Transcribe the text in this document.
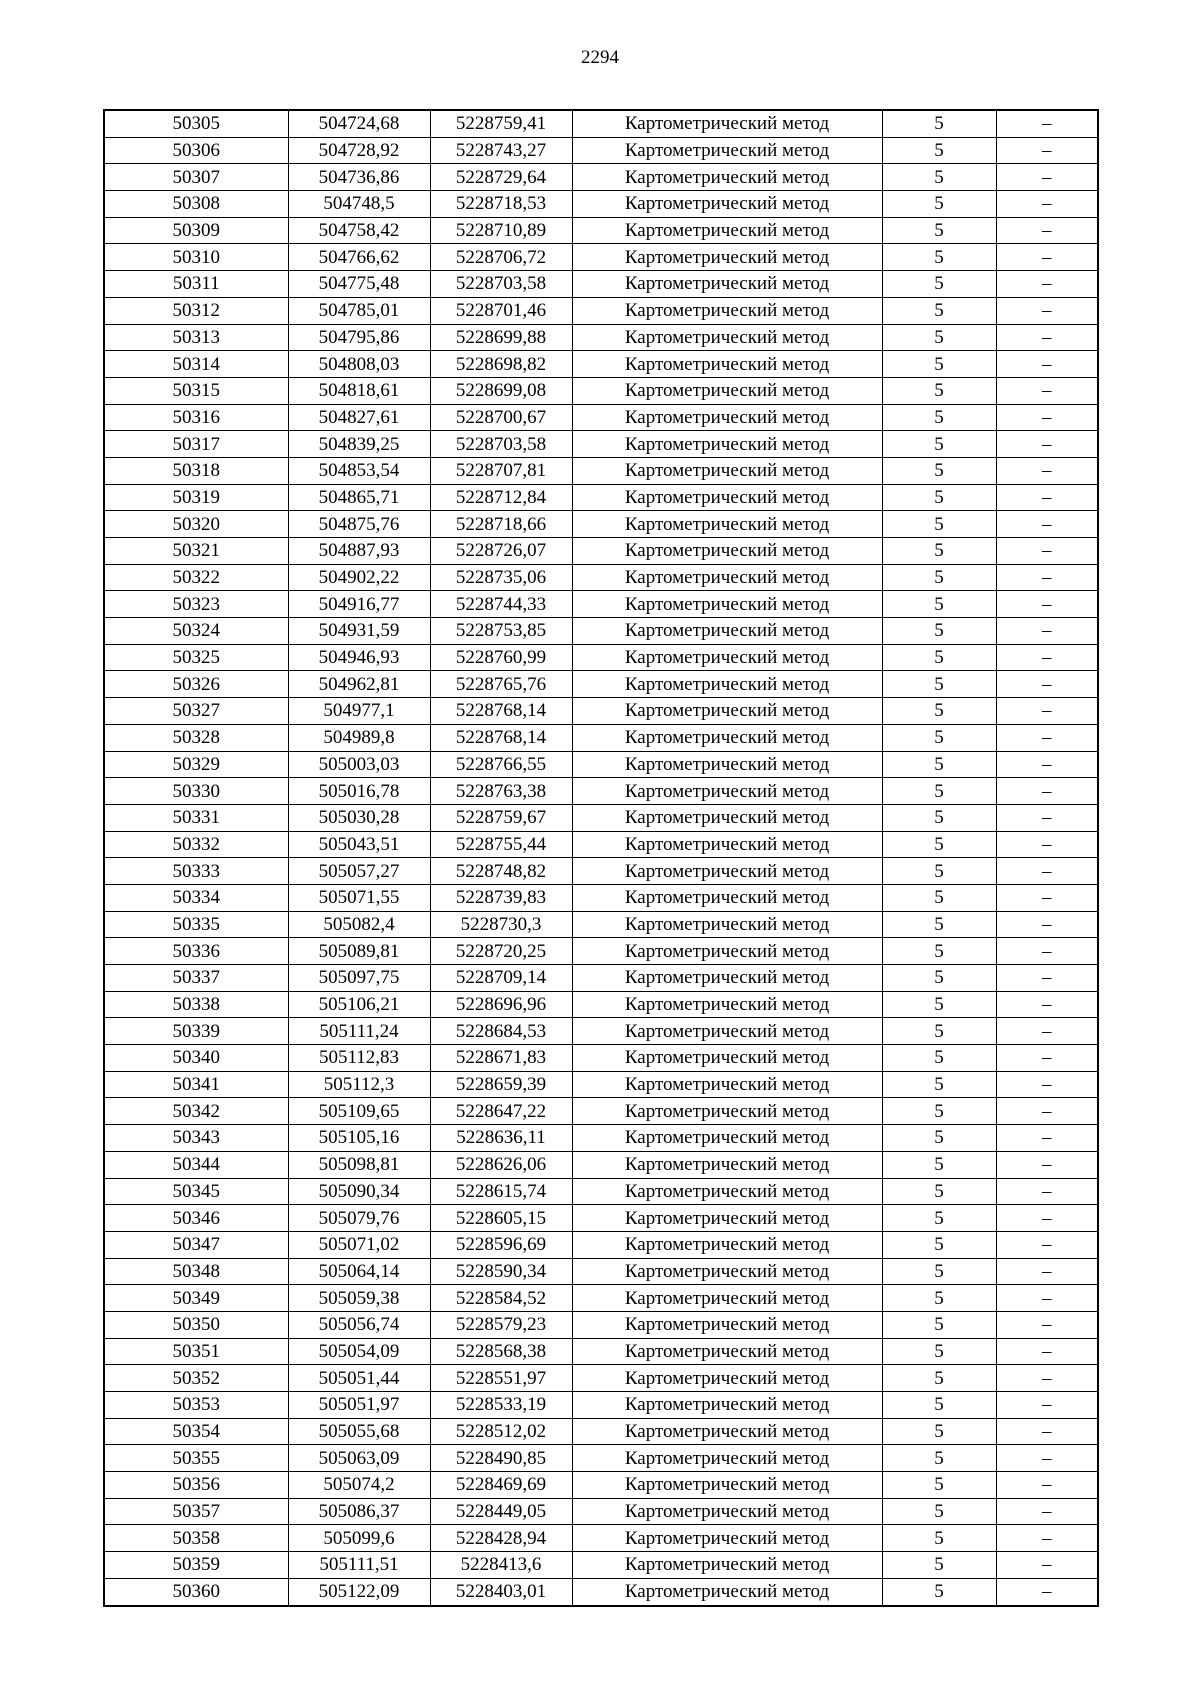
2294
50305	504724,68	5228759,41	Картометрический метод	5	–
50306	504728,92	5228743,27	Картометрический метод	5	–
50307	504736,86	5228729,64	Картометрический метод	5	–
50308	504748,5	5228718,53	Картометрический метод	5	–
50309	504758,42	5228710,89	Картометрический метод	5	–
50310	504766,62	5228706,72	Картометрический метод	5	–
50311	504775,48	5228703,58	Картометрический метод	5	–
50312	504785,01	5228701,46	Картометрический метод	5	–
50313	504795,86	5228699,88	Картометрический метод	5	–
50314	504808,03	5228698,82	Картометрический метод	5	–
50315	504818,61	5228699,08	Картометрический метод	5	–
50316	504827,61	5228700,67	Картометрический метод	5	–
50317	504839,25	5228703,58	Картометрический метод	5	–
50318	504853,54	5228707,81	Картометрический метод	5	–
50319	504865,71	5228712,84	Картометрический метод	5	–
50320	504875,76	5228718,66	Картометрический метод	5	–
50321	504887,93	5228726,07	Картометрический метод	5	–
50322	504902,22	5228735,06	Картометрический метод	5	–
50323	504916,77	5228744,33	Картометрический метод	5	–
50324	504931,59	5228753,85	Картометрический метод	5	–
50325	504946,93	5228760,99	Картометрический метод	5	–
50326	504962,81	5228765,76	Картометрический метод	5	–
50327	504977,1	5228768,14	Картометрический метод	5	–
50328	504989,8	5228768,14	Картометрический метод	5	–
50329	505003,03	5228766,55	Картометрический метод	5	–
50330	505016,78	5228763,38	Картометрический метод	5	–
50331	505030,28	5228759,67	Картометрический метод	5	–
50332	505043,51	5228755,44	Картометрический метод	5	–
50333	505057,27	5228748,82	Картометрический метод	5	–
50334	505071,55	5228739,83	Картометрический метод	5	–
50335	505082,4	5228730,3	Картометрический метод	5	–
50336	505089,81	5228720,25	Картометрический метод	5	–
50337	505097,75	5228709,14	Картометрический метод	5	–
50338	505106,21	5228696,96	Картометрический метод	5	–
50339	505111,24	5228684,53	Картометрический метод	5	–
50340	505112,83	5228671,83	Картометрический метод	5	–
50341	505112,3	5228659,39	Картометрический метод	5	–
50342	505109,65	5228647,22	Картометрический метод	5	–
50343	505105,16	5228636,11	Картометрический метод	5	–
50344	505098,81	5228626,06	Картометрический метод	5	–
50345	505090,34	5228615,74	Картометрический метод	5	–
50346	505079,76	5228605,15	Картометрический метод	5	–
50347	505071,02	5228596,69	Картометрический метод	5	–
50348	505064,14	5228590,34	Картометрический метод	5	–
50349	505059,38	5228584,52	Картометрический метод	5	–
50350	505056,74	5228579,23	Картометрический метод	5	–
50351	505054,09	5228568,38	Картометрический метод	5	–
50352	505051,44	5228551,97	Картометрический метод	5	–
50353	505051,97	5228533,19	Картометрический метод	5	–
50354	505055,68	5228512,02	Картометрический метод	5	–
50355	505063,09	5228490,85	Картометрический метод	5	–
50356	505074,2	5228469,69	Картометрический метод	5	–
50357	505086,37	5228449,05	Картометрический метод	5	–
50358	505099,6	5228428,94	Картометрический метод	5	–
50359	505111,51	5228413,6	Картометрический метод	5	–
50360	505122,09	5228403,01	Картометрический метод	5	–
